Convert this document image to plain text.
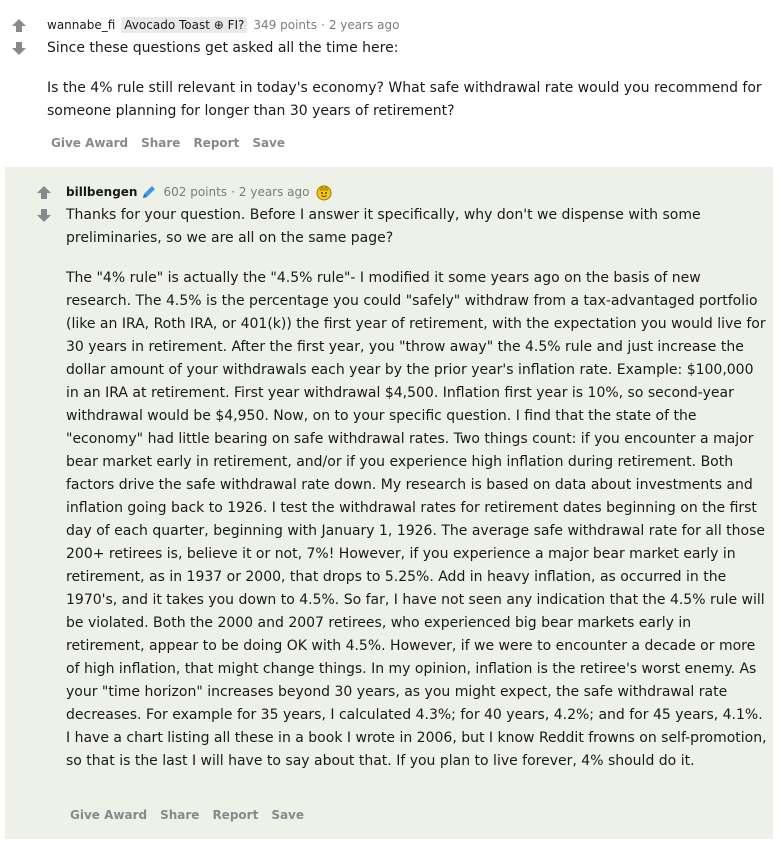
wannabe_fi Avocado Toast ⊕ FI? 349 points · 2 years ago

Since these questions get asked all the time here:

Is the 4% rule still relevant in today's economy? What safe withdrawal rate would you recommend for someone planning for longer than 30 years of retirement?

Give Award Share Report Save
billbengen 602 points · 2 years ago

Thanks for your question. Before I answer it specifically, why don't we dispense with some preliminaries, so we are all on the same page?

The "4% rule" is actually the "4.5% rule"- I modified it some years ago on the basis of new research. The 4.5% is the percentage you could "safely" withdraw from a tax-advantaged portfolio (like an IRA, Roth IRA, or 401(k)) the first year of retirement, with the expectation you would live for 30 years in retirement. After the first year, you "throw away" the 4.5% rule and just increase the dollar amount of your withdrawals each year by the prior year's inflation rate. Example: $100,000 in an IRA at retirement. First year withdrawal $4,500. Inflation first year is 10%, so second-year withdrawal would be $4,950. Now, on to your specific question. I find that the state of the "economy" had little bearing on safe withdrawal rates. Two things count: if you encounter a major bear market early in retirement, and/or if you experience high inflation during retirement. Both factors drive the safe withdrawal rate down. My research is based on data about investments and inflation going back to 1926. I test the withdrawal rates for retirement dates beginning on the first day of each quarter, beginning with January 1, 1926. The average safe withdrawal rate for all those 200+ retirees is, believe it or not, 7%! However, if you experience a major bear market early in retirement, as in 1937 or 2000, that drops to 5.25%. Add in heavy inflation, as occurred in the 1970's, and it takes you down to 4.5%. So far, I have not seen any indication that the 4.5% rule will be violated. Both the 2000 and 2007 retirees, who experienced big bear markets early in retirement, appear to be doing OK with 4.5%. However, if we were to encounter a decade or more of high inflation, that might change things. In my opinion, inflation is the retiree's worst enemy. As your "time horizon" increases beyond 30 years, as you might expect, the safe withdrawal rate decreases. For example for 35 years, I calculated 4.3%; for 40 years, 4.2%; and for 45 years, 4.1%. I have a chart listing all these in a book I wrote in 2006, but I know Reddit frowns on self-promotion, so that is the last I will have to say about that. If you plan to live forever, 4% should do it.

Give Award Share Report Save
